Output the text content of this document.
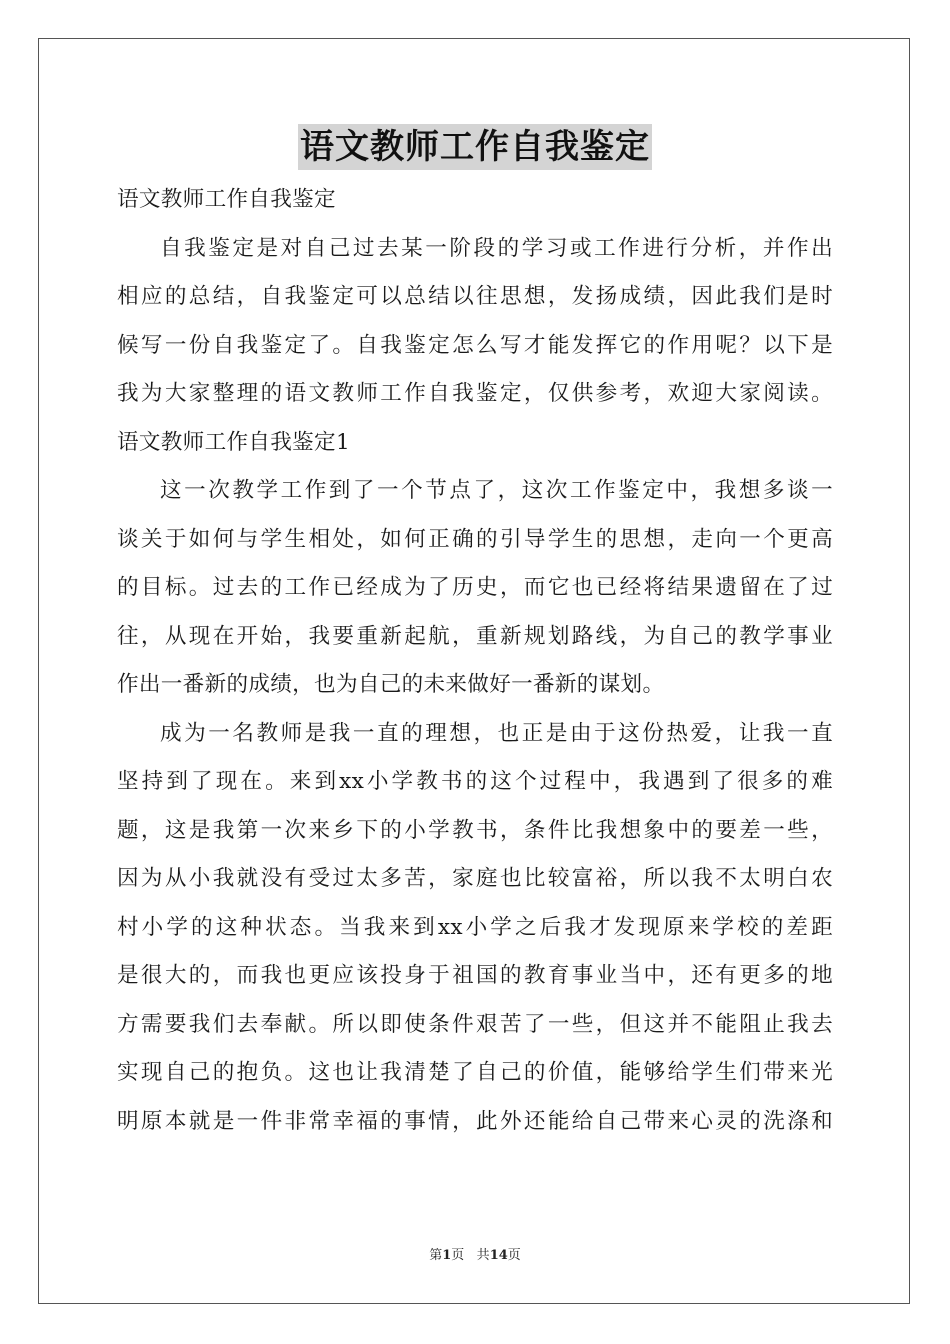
语文教师工作自我鉴定
语文教师工作自我鉴定
自我鉴定是对自己过去某一阶段的学习或工作进行分析，并作出
相应的总结，自我鉴定可以总结以往思想，发扬成绩，因此我们是时
候写一份自我鉴定了。自我鉴定怎么写才能发挥它的作用呢？以下是
我为大家整理的语文教师工作自我鉴定，仅供参考，欢迎大家阅读。
语文教师工作自我鉴定1
这一次教学工作到了一个节点了，这次工作鉴定中，我想多谈一
谈关于如何与学生相处，如何正确的引导学生的思想，走向一个更高
的目标。过去的工作已经成为了历史，而它也已经将结果遗留在了过
往，从现在开始，我要重新起航，重新规划路线，为自己的教学事业
作出一番新的成绩，也为自己的未来做好一番新的谋划。
成为一名教师是我一直的理想，也正是由于这份热爱，让我一直
坚持到了现在。来到xx小学教书的这个过程中，我遇到了很多的难
题，这是我第一次来乡下的小学教书，条件比我想象中的要差一些，
因为从小我就没有受过太多苦，家庭也比较富裕，所以我不太明白农
村小学的这种状态。当我来到xx小学之后我才发现原来学校的差距
是很大的，而我也更应该投身于祖国的教育事业当中，还有更多的地
方需要我们去奉献。所以即使条件艰苦了一些，但这并不能阻止我去
实现自己的抱负。这也让我清楚了自己的价值，能够给学生们带来光
明原本就是一件非常幸福的事情，此外还能给自己带来心灵的洗涤和
第1页 共14页
